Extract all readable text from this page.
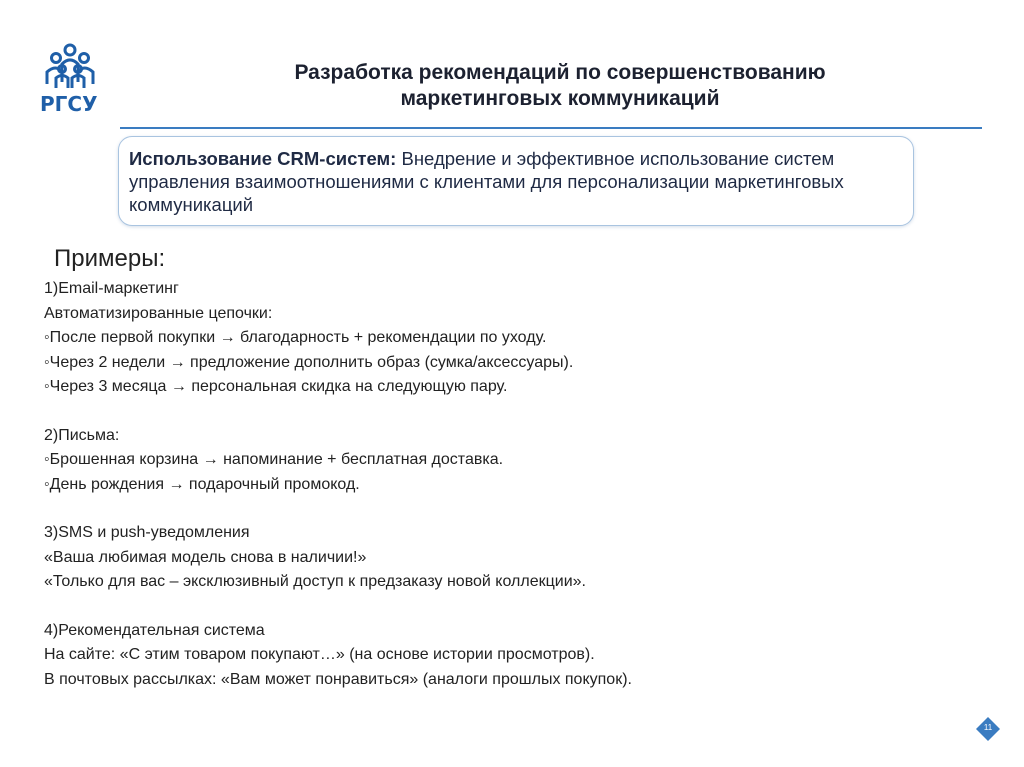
РГСУ
Разработка рекомендаций по совершенствованию
маркетинговых коммуникаций
Использование CRM-систем: Внедрение и эффективное использование систем управления взаимоотношениями с клиентами для персонализации маркетинговых коммуникаций
Примеры:
1)Email-маркетинг
Автоматизированные цепочки:
◦После первой покупки → благодарность + рекомендации по уходу.
◦Через 2 недели → предложение дополнить образ (сумка/аксессуары).
◦Через 3 месяца → персональная скидка на следующую пару.
2)Письма:
◦Брошенная корзина → напоминание + бесплатная доставка.
◦День рождения → подарочный промокод.
3)SMS и push-уведомления
«Ваша любимая модель снова в наличии!»
«Только для вас – эксклюзивный доступ к предзаказу новой коллекции».
4)Рекомендательная система
На сайте: «С этим товаром покупают…» (на основе истории просмотров).
В почтовых рассылках: «Вам может понравиться» (аналоги прошлых покупок).
11
